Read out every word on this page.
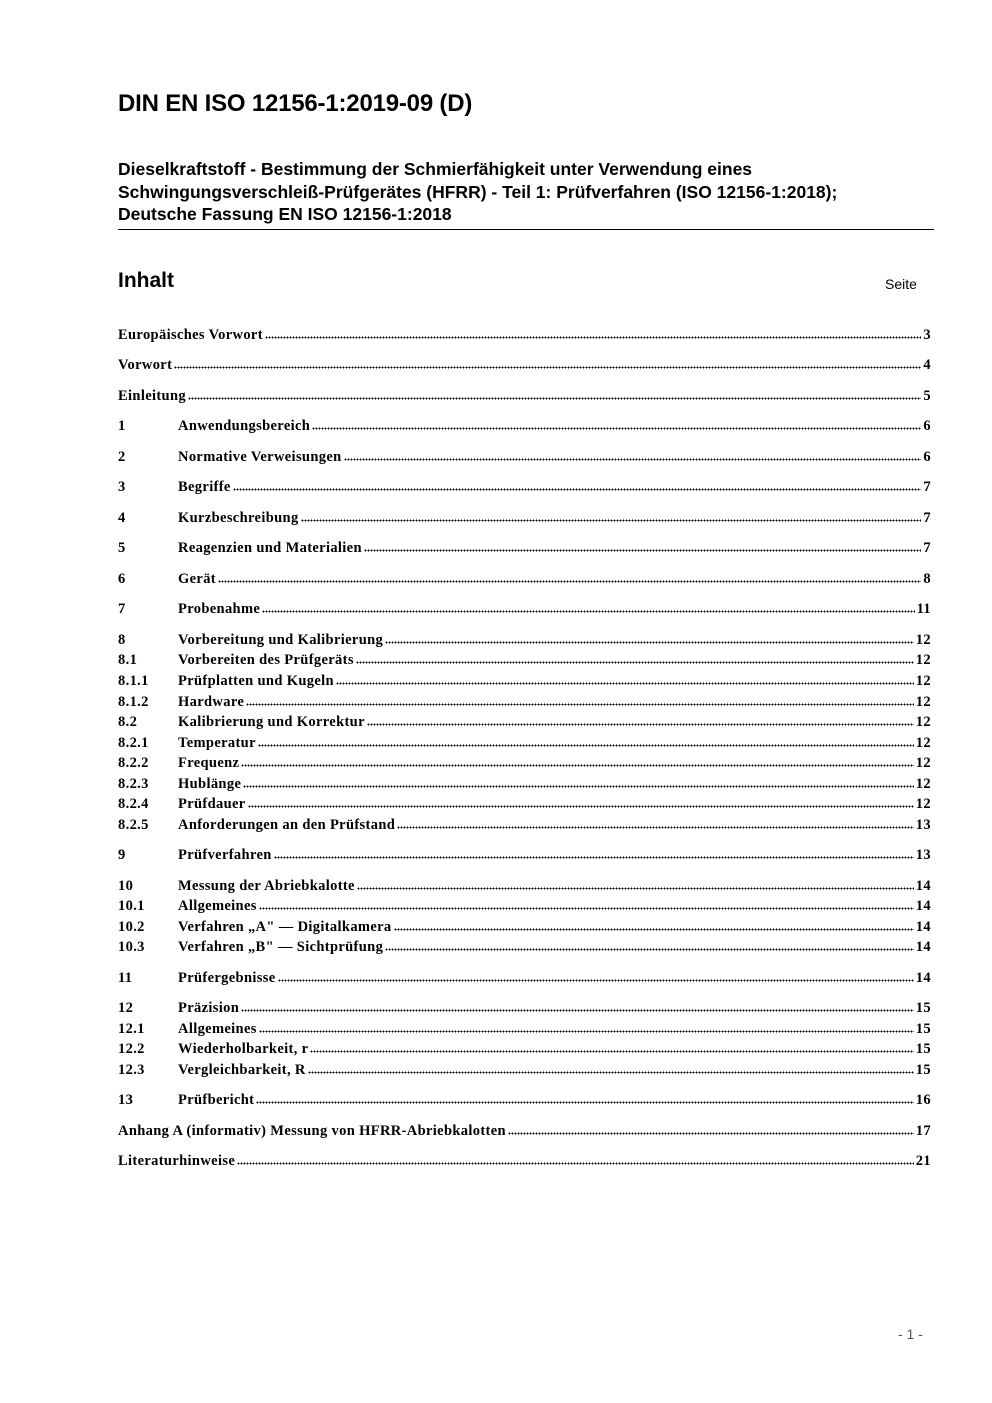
DIN EN ISO 12156-1:2019-09 (D)

Dieselkraftstoff - Bestimmung der Schmierfähigkeit unter Verwendung eines Schwingungsverschleiß-Prüfgerätes (HFRR) - Teil 1: Prüfverfahren (ISO 12156-1:2018); Deutsche Fassung EN ISO 12156-1:2018

Inhalt	Seite
Europäisches Vorwort	3
Vorwort	4
Einleitung	5
1	Anwendungsbereich	6
2	Normative Verweisungen	6
3	Begriffe	7
4	Kurzbeschreibung	7
5	Reagenzien und Materialien	7
6	Gerät	8
7	Probenahme	11
8	Vorbereitung und Kalibrierung	12
8.1	Vorbereiten des Prüfgeräts	12
8.1.1	Prüfplatten und Kugeln	12
8.1.2	Hardware	12
8.2	Kalibrierung und Korrektur	12
8.2.1	Temperatur	12
8.2.2	Frequenz	12
8.2.3	Hublänge	12
8.2.4	Prüfdauer	12
8.2.5	Anforderungen an den Prüfstand	13
9	Prüfverfahren	13
10	Messung der Abriebkalotte	14
10.1	Allgemeines	14
10.2	Verfahren „A" — Digitalkamera	14
10.3	Verfahren „B" — Sichtprüfung	14
11	Prüfergebnisse	14
12	Präzision	15
12.1	Allgemeines	15
12.2	Wiederholbarkeit, r	15
12.3	Vergleichbarkeit, R	15
13	Prüfbericht	16
Anhang A (informativ) Messung von HFRR-Abriebkalotten	17
Literaturhinweise	21
- 1 -
